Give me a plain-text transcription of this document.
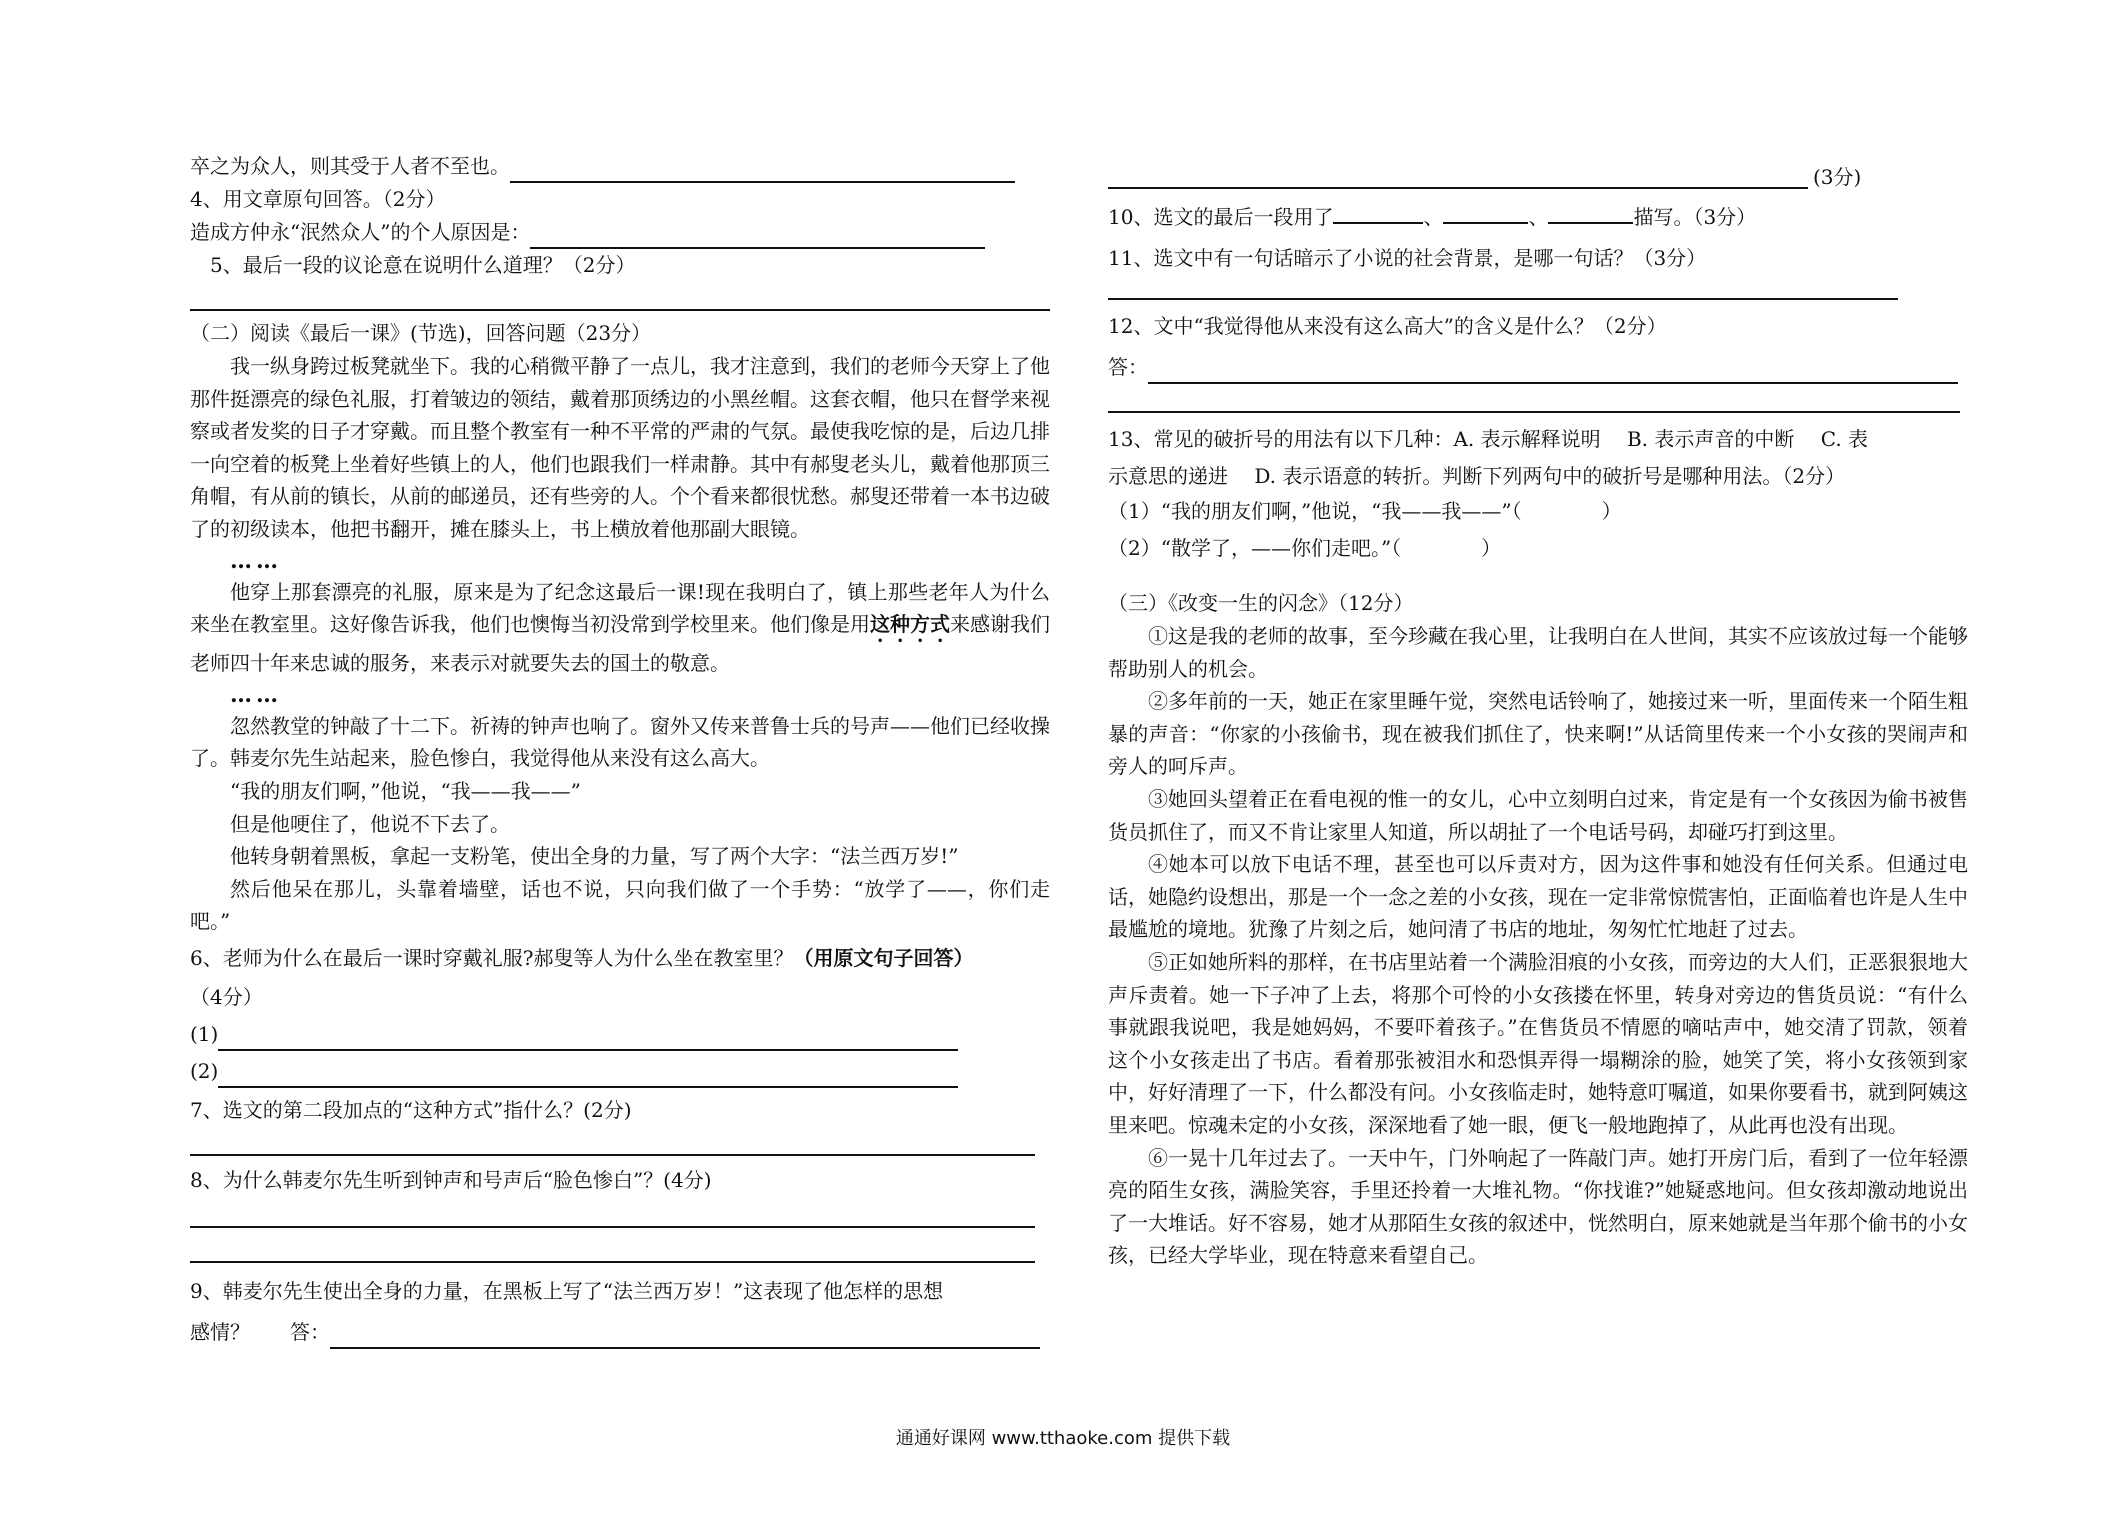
卒之为众人，则其受于人者不至也。
4、用文章原句回答。（2分）
造成方仲永“泯然众人”的个人原因是：
5、最后一段的议论意在说明什么道理？（2分）
（二）阅读《最后一课》(节选)，回答问题（23分）
我一纵身跨过板凳就坐下。我的心稍微平静了一点儿，我才注意到，我们的老师今天穿上了他那件挺漂亮的绿色礼服，打着皱边的领结，戴着那顶绣边的小黑丝帽。这套衣帽，他只在督学来视察或者发奖的日子才穿戴。而且整个教室有一种不平常的严肃的气氛。最使我吃惊的是，后边几排一向空着的板凳上坐着好些镇上的人，他们也跟我们一样肃静。其中有郝叟老头儿，戴着他那顶三角帽，有从前的镇长，从前的邮递员，还有些旁的人。个个看来都很忧愁。郝叟还带着一本书边破了的初级读本，他把书翻开，摊在膝头上，书上横放着他那副大眼镜。
……
他穿上那套漂亮的礼服，原来是为了纪念这最后一课!现在我明白了，镇上那些老年人为什么来坐在教室里。这好像告诉我，他们也懊悔当初没常到学校里来。他们像是用这种方式来感谢我们老师四十年来忠诚的服务，来表示对就要失去的国土的敬意。
……
忽然教堂的钟敲了十二下。祈祷的钟声也响了。窗外又传来普鲁士兵的号声——他们已经收操了。韩麦尔先生站起来，脸色惨白，我觉得他从来没有这么高大。
“我的朋友们啊，”他说，“我——我——”
但是他哽住了，他说不下去了。
他转身朝着黑板，拿起一支粉笔，使出全身的力量，写了两个大字：“法兰西万岁!”
然后他呆在那儿，头靠着墙壁，话也不说，只向我们做了一个手势：“放学了——，你们走吧。”
6、老师为什么在最后一课时穿戴礼服?郝叟等人为什么坐在教室里？（用原文句子回答）
（4分）
(1)
(2)
7、选文的第二段加点的“这种方式”指什么？(2分)
8、为什么韩麦尔先生听到钟声和号声后“脸色惨白”？(4分)
9、韩麦尔先生使出全身的力量，在黑板上写了“法兰西万岁！”这表现了他怎样的思想
感情？　　 答：
(3分)
10、选文的最后一段用了	、	、	描写。（3分）
11、选文中有一句话暗示了小说的社会背景，是哪一句话？（3分）
12、文中“我觉得他从来没有这么高大”的含义是什么？（2分）
答：
13、常见的破折号的用法有以下几种：A. 表示解释说明　 B. 表示声音的中断　 C. 表
示意思的递进　 D. 表示语意的转折。判断下列两句中的破折号是哪种用法。（2分）
（1）“我的朋友们啊，”他说，“我——我——”（　　　　）
（2）“散学了，——你们走吧。”（　　　　）
（三）《改变一生的闪念》（12分）
①这是我的老师的故事，至今珍藏在我心里，让我明白在人世间，其实不应该放过每一个能够帮助别人的机会。
②多年前的一天，她正在家里睡午觉，突然电话铃响了，她接过来一听，里面传来一个陌生粗暴的声音：“你家的小孩偷书，现在被我们抓住了，快来啊!”从话筒里传来一个小女孩的哭闹声和旁人的呵斥声。
③她回头望着正在看电视的惟一的女儿，心中立刻明白过来，肯定是有一个女孩因为偷书被售货员抓住了，而又不肯让家里人知道，所以胡扯了一个电话号码，却碰巧打到这里。
④她本可以放下电话不理，甚至也可以斥责对方，因为这件事和她没有任何关系。但通过电话，她隐约设想出，那是一个一念之差的小女孩，现在一定非常惊慌害怕，正面临着也许是人生中最尴尬的境地。犹豫了片刻之后，她问清了书店的地址，匆匆忙忙地赶了过去。
⑤正如她所料的那样，在书店里站着一个满脸泪痕的小女孩，而旁边的大人们，正恶狠狠地大声斥责着。她一下子冲了上去，将那个可怜的小女孩搂在怀里，转身对旁边的售货员说：“有什么事就跟我说吧，我是她妈妈，不要吓着孩子。”在售货员不情愿的嘀咕声中，她交清了罚款，领着这个小女孩走出了书店。看着那张被泪水和恐惧弄得一塌糊涂的脸，她笑了笑，将小女孩领到家中，好好清理了一下，什么都没有问。小女孩临走时，她特意叮嘱道，如果你要看书，就到阿姨这里来吧。惊魂未定的小女孩，深深地看了她一眼，便飞一般地跑掉了，从此再也没有出现。
⑥一晃十几年过去了。一天中午，门外响起了一阵敲门声。她打开房门后，看到了一位年轻漂亮的陌生女孩，满脸笑容，手里还拎着一大堆礼物。“你找谁?”她疑惑地问。但女孩却激动地说出了一大堆话。好不容易，她才从那陌生女孩的叙述中，恍然明白，原来她就是当年那个偷书的小女孩，已经大学毕业，现在特意来看望自己。
通通好课网 www.tthaoke.com 提供下载
